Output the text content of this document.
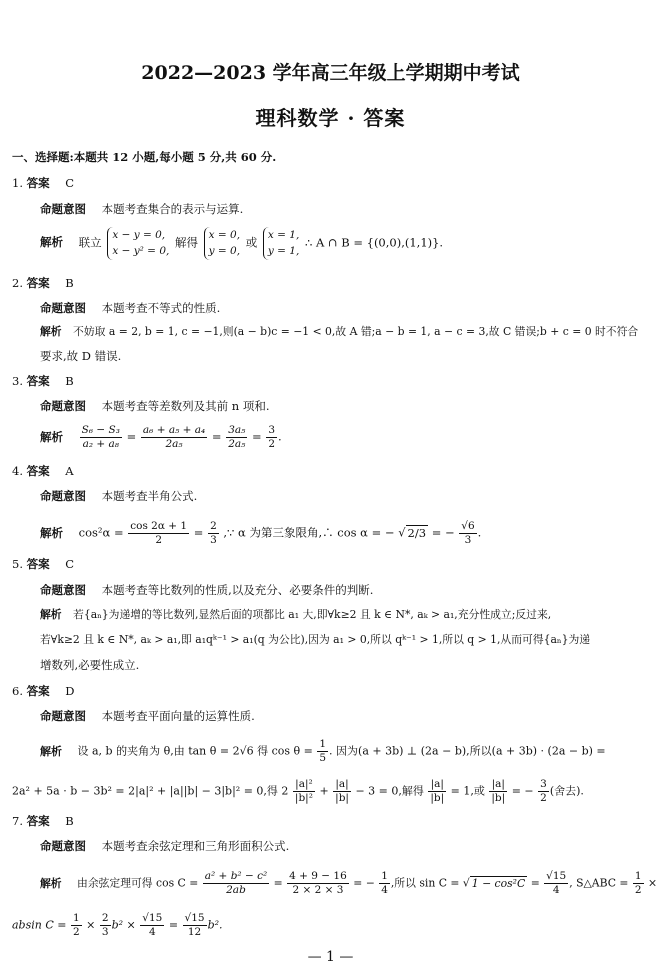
2022—2023 学年高三年级上学期期中考试
理科数学 · 答案
一、选择题:本题共 12 小题,每小题 5 分,共 60 分.
1. 答案 C
命题意图 本题考查集合的表示与运算.
解析 联立
x − y = 0,
x − y² = 0,
解得
x = 0,
y = 0,
或
x = 1,
y = 1,
∴ A ∩ B = {(0,0),(1,1)}.
2. 答案 B
命题意图 本题考查不等式的性质.
解析 不妨取 a = 2, b = 1, c = −1,则(a − b)c = −1 < 0,故 A 错;a − b = 1, a − c = 3,故 C 错误;b + c = 0 时不符合
要求,故 D 错误.
3. 答案 B
命题意图 本题考查等差数列及其前 n 项和.
解析 $\frac{\text{S₆ − S₃}}{\text{a₂ + a₈}} = \frac{\text{a₆ + a₅ + a₄}}{\text{2a₅}} = \frac{\text{3a₅}}{\text{2a₅}} = \frac{3}{2}$ .
4. 答案 A
命题意图 本题考查半角公式.
解析 $\cos^2\alpha = \frac{\cos 2\alpha + 1}{2} = \frac{2}{3}$ ,∵ α 为第三象限角,∴ cos α = − √ 2/3 = − $\frac{√6}{3}$ .
5. 答案 C
命题意图 本题考查等比数列的性质,以及充分、必要条件的判断.
解析 若{aₙ}为递增的等比数列,显然后面的项都比 a₁ 大,即∀k≥2 且 k ∈ N*, aₖ > a₁,充分性成立;反过来,
若∀k≥2 且 k ∈ N*, aₖ > a₁,即 a₁qᵏ⁻¹ > a₁(q 为公比),因为 a₁ > 0,所以 qᵏ⁻¹ > 1,所以 q > 1,从而可得{aₙ}为递
增数列,必要性成立.
6. 答案 D
命题意图 本题考查平面向量的运算性质.
解析 设 a, b 的夹角为 θ,由 tan θ = 2√6 得 $\cos \theta = \frac{1}{5}$ . 因为(a + 3b) ⊥ (2a − b),所以(a + 3b) · (2a − b) =
2a² + 5a · b − 3b² = 2|a|² + |a||b| − 3|b|² = 0,得 $2 \frac{\text{|a|²}}{\text{|b|²}} + \frac{|a|}{|b|} - 3 = 0$,解得 $\frac{|a|}{|b|} = 1$,或 $\frac{|a|}{|b|}$ = − $\frac{3}{2}$ (舍去).
7. 答案 B
命题意图 本题考查余弦定理和三角形面积公式.
解析 由余弦定理可得 $\cos C = \frac{\text{a² + b² − c²}}{2ab} = \frac{4 + 9 - 16}{2 \times 2 \times 3}$ = − $\frac{1}{4}$ ,所以 sin C = √ $1 - \cos^2C = \frac{√15}{4}$ , S△ABC = $\frac{1}{2}$ ×
absin $C = \frac{1}{2} \times \frac{2}{3} b^2 \times \frac{√15}{4} = \frac{√15}{12} b^2$.
— 1 —
